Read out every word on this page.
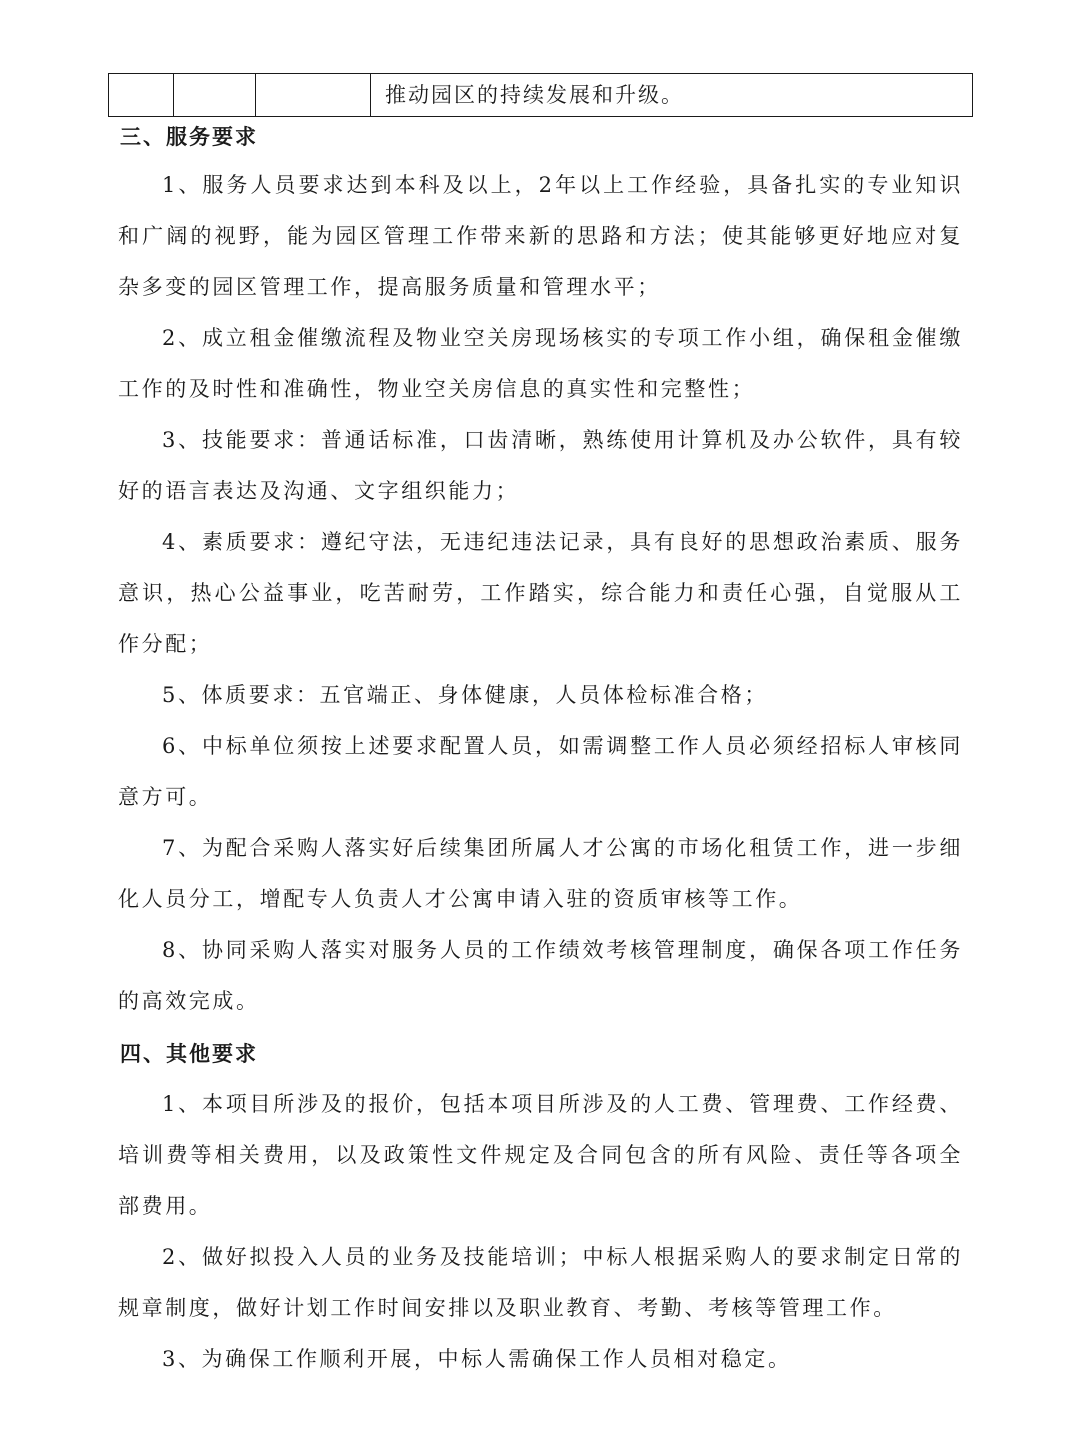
			推动园区的持续发展和升级。
三、服务要求

1、服务人员要求达到本科及以上，2年以上工作经验，具备扎实的专业知识和广阔的视野，能为园区管理工作带来新的思路和方法；使其能够更好地应对复杂多变的园区管理工作，提高服务质量和管理水平；

2、成立租金催缴流程及物业空关房现场核实的专项工作小组，确保租金催缴工作的及时性和准确性，物业空关房信息的真实性和完整性；

3、技能要求：普通话标准，口齿清晰，熟练使用计算机及办公软件，具有较好的语言表达及沟通、文字组织能力；

4、素质要求：遵纪守法，无违纪违法记录，具有良好的思想政治素质、服务意识，热心公益事业，吃苦耐劳，工作踏实，综合能力和责任心强，自觉服从工作分配；

5、体质要求：五官端正、身体健康，人员体检标准合格；

6、中标单位须按上述要求配置人员，如需调整工作人员必须经招标人审核同意方可。

7、为配合采购人落实好后续集团所属人才公寓的市场化租赁工作，进一步细化人员分工，增配专人负责人才公寓申请入驻的资质审核等工作。

8、协同采购人落实对服务人员的工作绩效考核管理制度，确保各项工作任务的高效完成。

四、其他要求

1、本项目所涉及的报价，包括本项目所涉及的人工费、管理费、工作经费、培训费等相关费用，以及政策性文件规定及合同包含的所有风险、责任等各项全部费用。

2、做好拟投入人员的业务及技能培训；中标人根据采购人的要求制定日常的规章制度，做好计划工作时间安排以及职业教育、考勤、考核等管理工作。

3、为确保工作顺利开展，中标人需确保工作人员相对稳定。
